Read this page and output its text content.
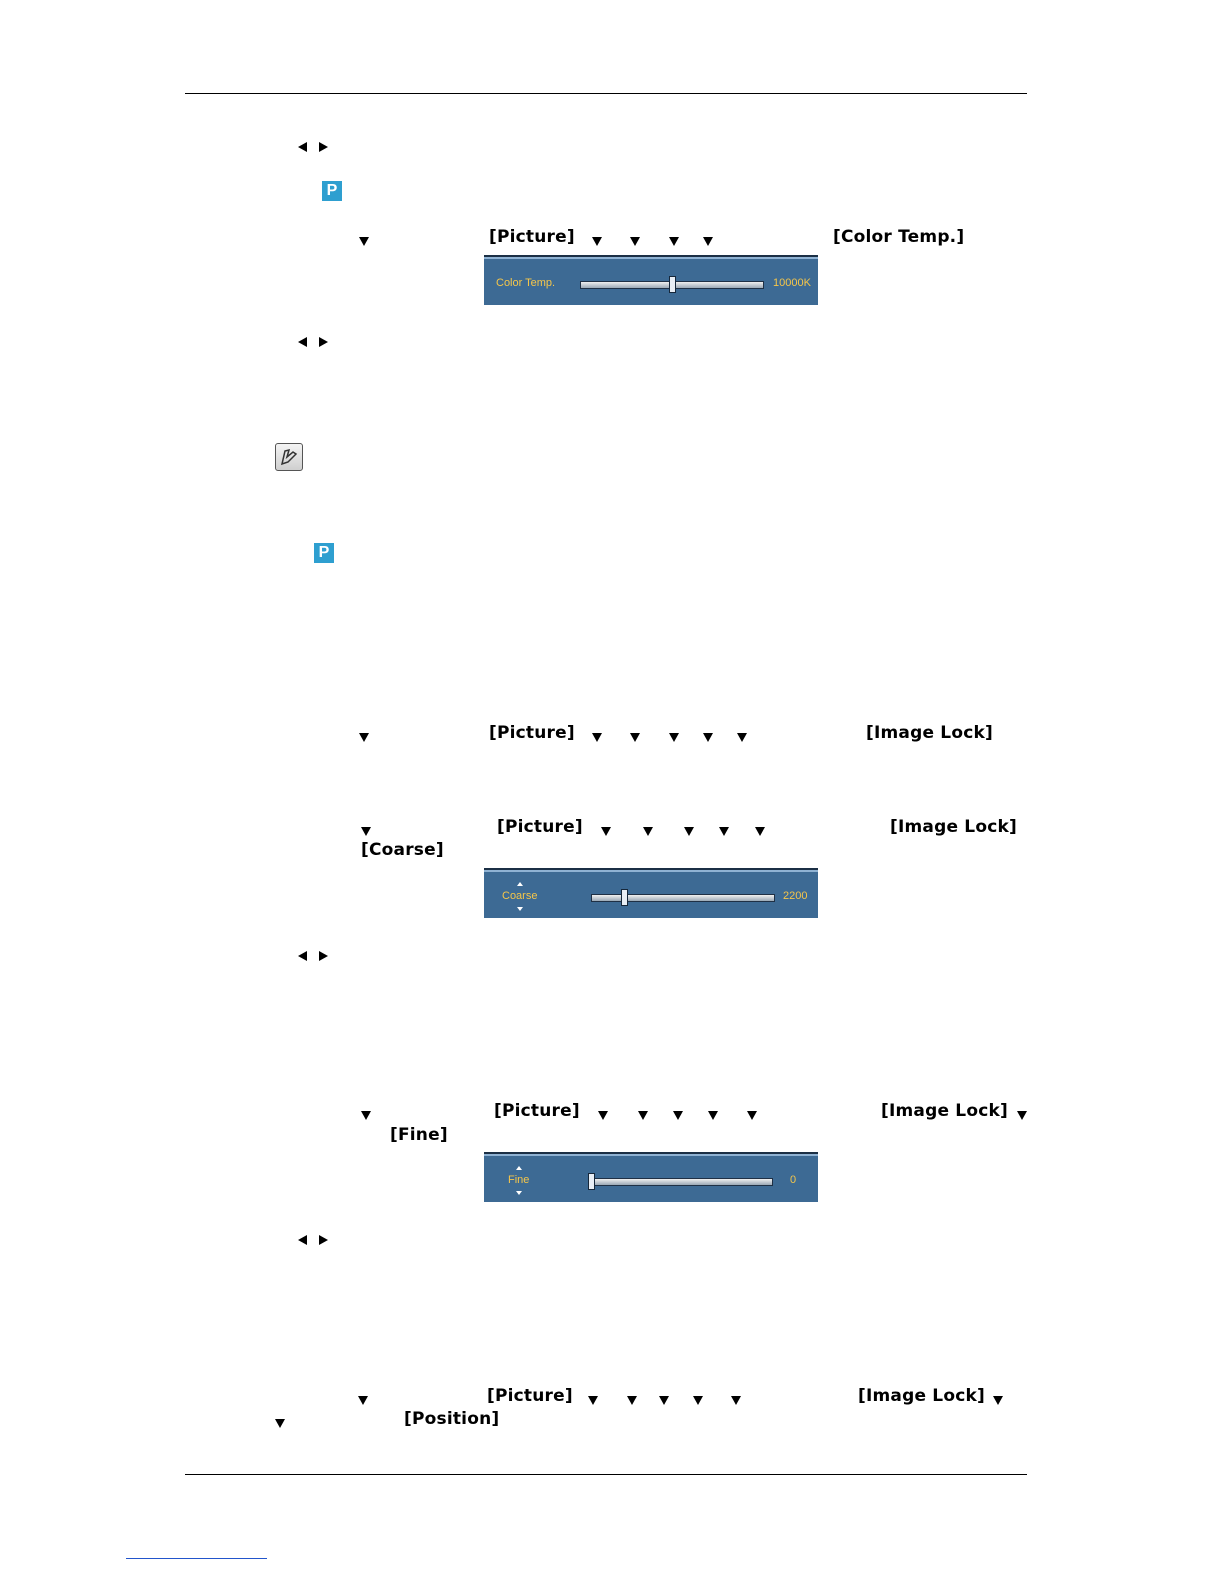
P
[Picture]	[Color Temp.]
Color Temp.	10000K
P
[Picture]	[Image Lock]
[Picture]	[Image Lock]
[Coarse]
Coarse	2200
[Picture]	[Image Lock]
[Fine]
Fine	0
[Picture]	[Image Lock]
[Position]
